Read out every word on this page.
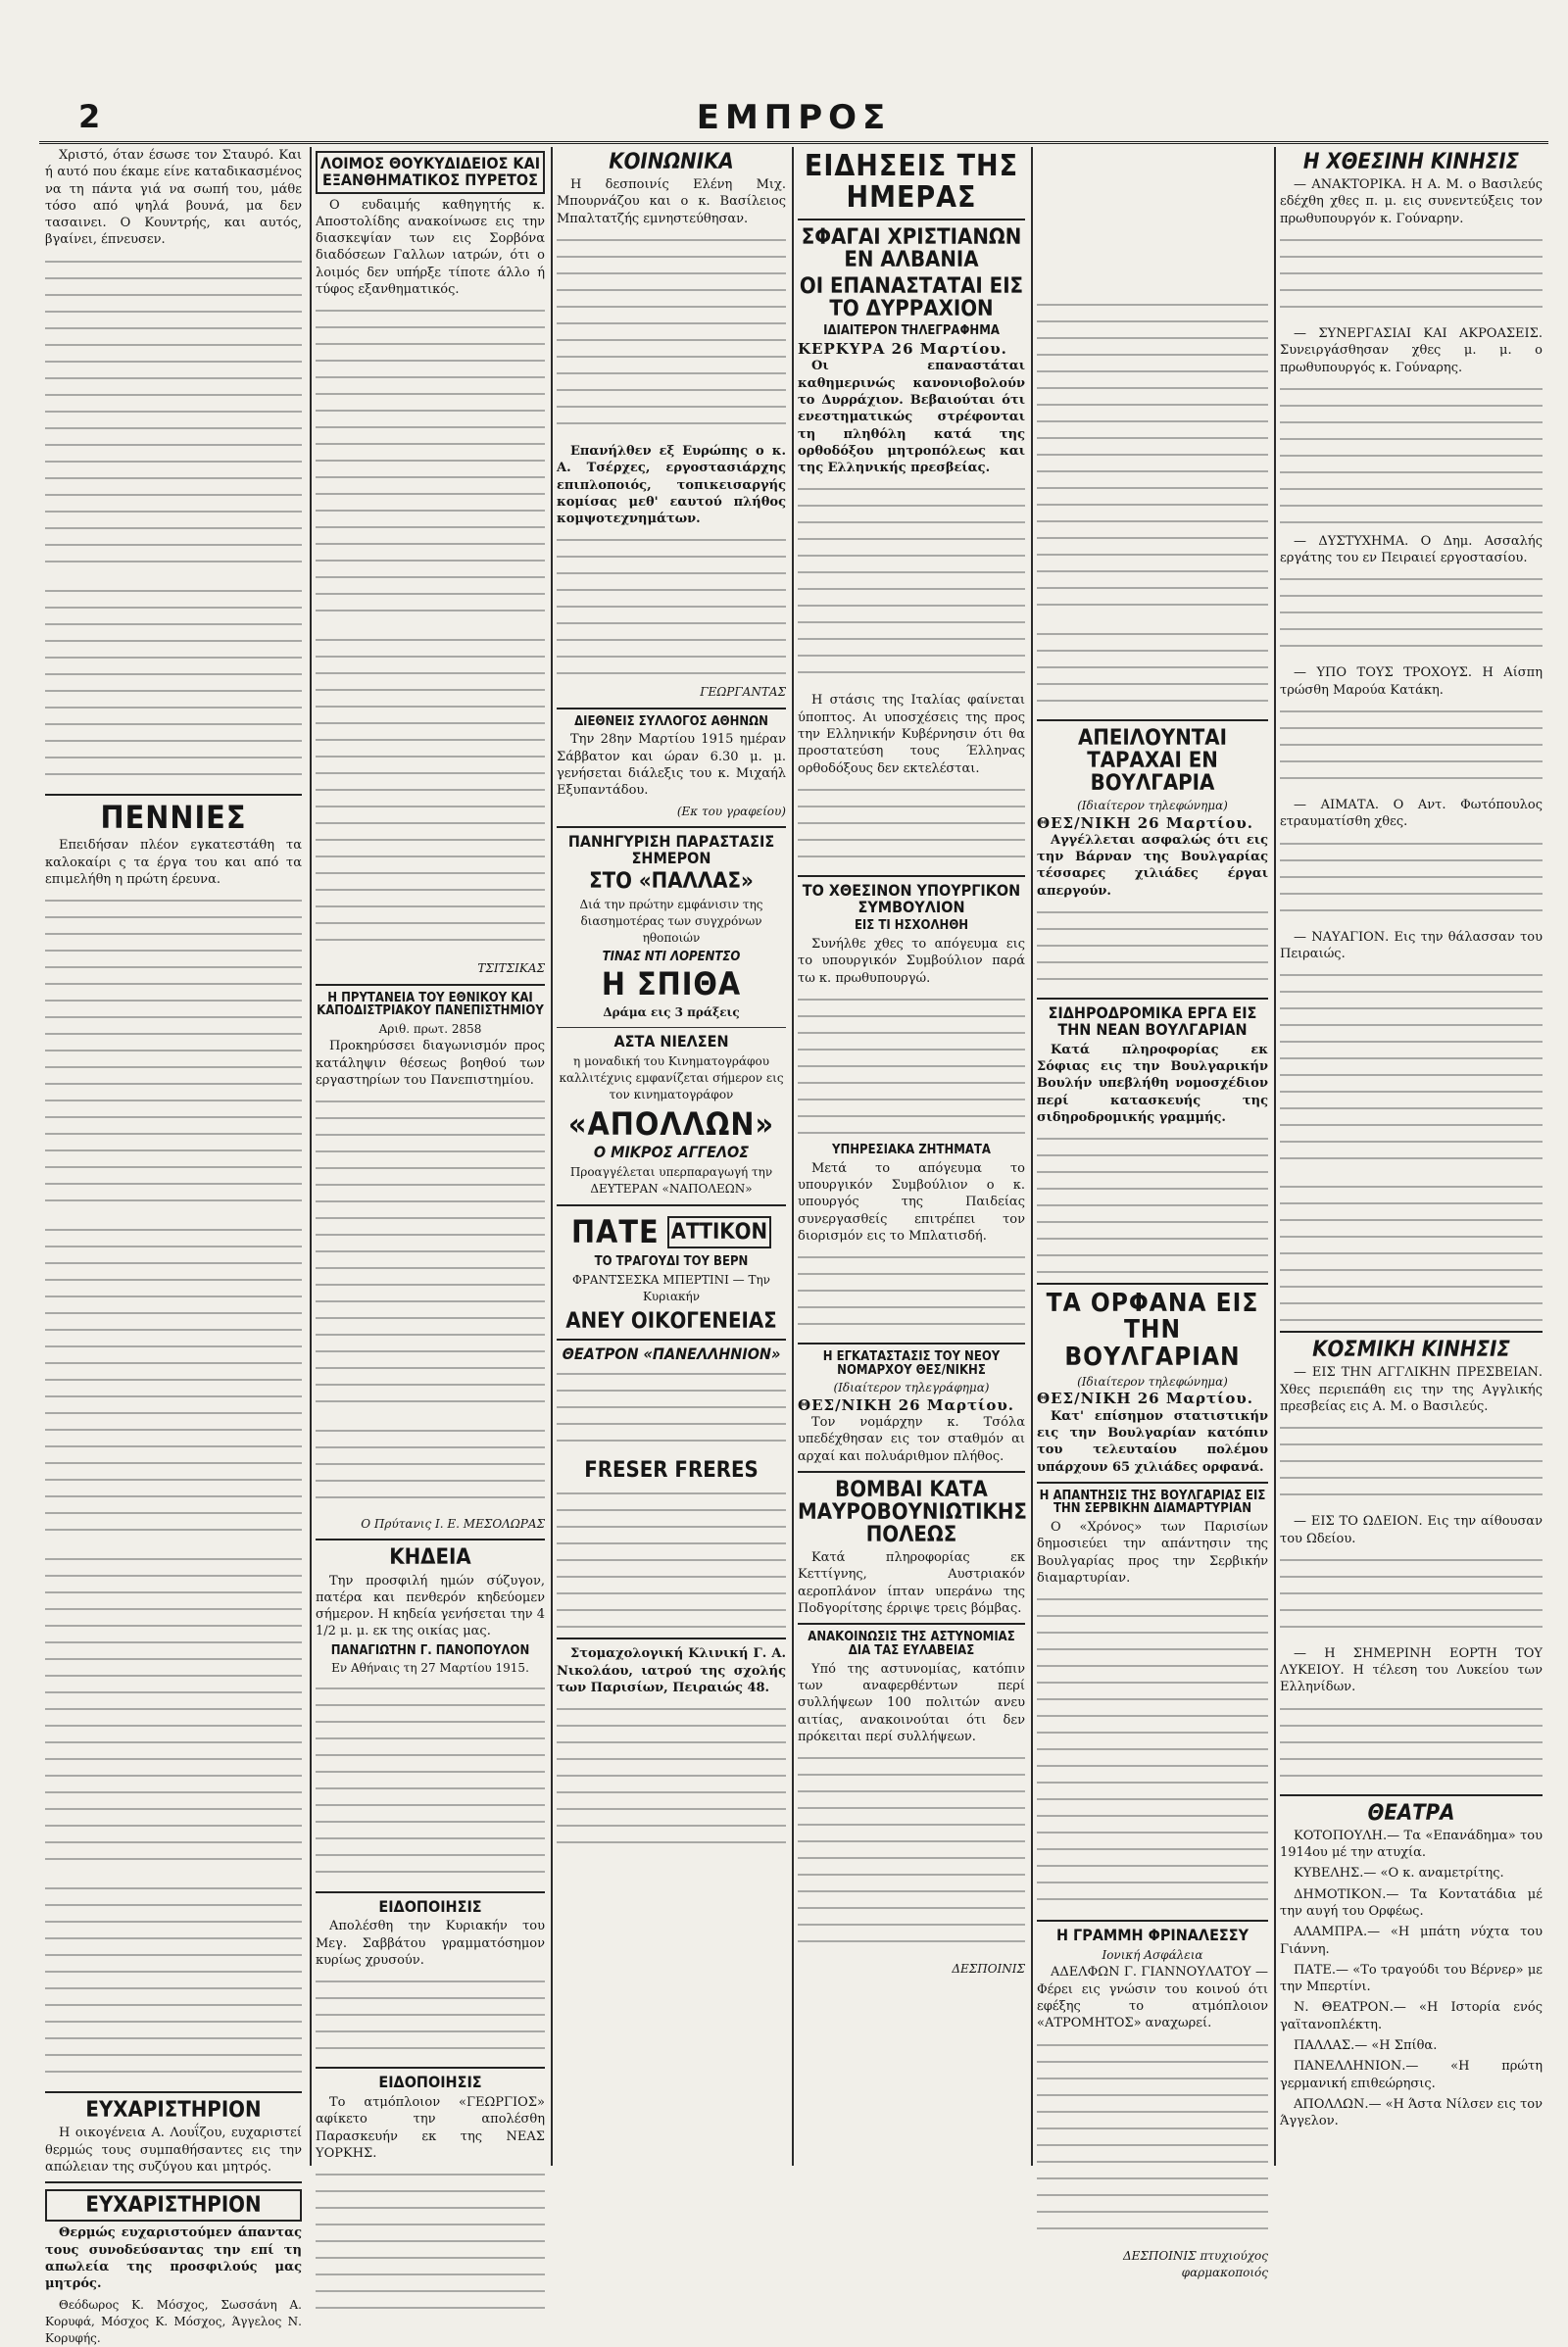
2	ΕΜΠΡΟΣ

Χριστό, όταν έσωσε τον Σταυρό. Και ή αυτό που έκαμε είνε καταδικασμένος να τη πάντα γιά να σωπή του, μάθε τόσο από ψηλά βουνά, μα δεν τασαινει. Ο Κουντρής, και αυτός, βγαίνει, έπνευσεν.

ΠΕΝΝΙΕΣ

Επειδήσαν πλέον εγκατεστάθη τα καλοκαίρι ς τα έργα του και από τα επιμελήθη η πρώτη έρευνα.

ΕΥΧΑΡΙΣΤΗΡΙΟΝ

Η οικογένεια Α. Λουΐζου, ευχαριστεί θερμώς τους συμπαθήσαντες εις την απώλειαν της συζύγου και μητρός.

ΕΥΧΑΡΙΣΤΗΡΙΟΝ

Θερμώς ευχαριστούμεν άπαντας τους συνοδεύσαντας την επί τη απωλεία της προσφιλούς μας μητρός.

Θεόδωρος Κ. Μόσχος, Σωσσάνη Α. Κορυφά, Μόσχος Κ. Μόσχος, Άγγελος Ν. Κορυφής.

ΛΟΙΜΟΣ ΘΟΥΚΥΔΙΔΕΙΟΣ ΚΑΙ ΕΞΑΝΘΗΜΑΤΙΚΟΣ ΠΥΡΕΤΟΣ

Ο ευδαιμής καθηγητής κ. Αποστολίδης ανακοίνωσε εις την διασκεψίαν των εις Σορβόνα διαδόσεων Γαλλων ιατρών, ότι ο λοιμός δεν υπήρξε τίποτε άλλο ή τύφος εξανθηματικός.

ΤΣΙΤΣΙΚΑΣ
Η ΠΡΥΤΑΝΕΙΑ ΤΟΥ ΕΘΝΙΚΟΥ ΚΑΙ ΚΑΠΟΔΙΣΤΡΙΑΚΟΥ ΠΑΝΕΠΙΣΤΗΜΙΟΥ
Αριθ. πρωτ. 2858

Προκηρύσσει διαγωνισμόν προς κατάληψιν θέσεως βοηθού των εργαστηρίων του Πανεπιστημίου.

Ο Πρύτανις Ι. Ε. ΜΕΣΟΛΩΡΑΣ
ΚΗΔΕΙΑ

Την προσφιλή ημών σύζυγον, πατέρα και πενθερόν κηδεύομεν σήμερον. Η κηδεία γενήσεται την 4 1/2 μ. μ. εκ της οικίας μας.

ΠΑΝΑΓΙΩΤΗΝ Γ. ΠΑΝΟΠΟΥΛΟΝ
Εν Αθήναις τη 27 Μαρτίου 1915.
ΕΙΔΟΠΟΙΗΣΙΣ

Απολέσθη την Κυριακήν του Μεγ. Σαββάτου γραμματόσημον κυρίως χρυσούν.

ΕΙΔΟΠΟΙΗΣΙΣ

Το ατμόπλοιον «ΓΕΩΡΓΙΟΣ» αφίκετο την απολέσθη Παρασκευήν εκ της ΝΕΑΣ ΥΟΡΚΗΣ.

ΚΟΙΝΩΝΙΚΑ

Η δεσποινίς Ελένη Μιχ. Μπουρνάζου και ο κ. Βασίλειος Μπαλτατζής εμνηστεύθησαν.

Επανήλθεν εξ Ευρώπης ο κ. Α. Τσέρχες, εργοστασιάρχης επιπλοποιός, τοπικεισαργής κομίσας μεθ' εαυτού πλήθος κομψοτεχνημάτων.

ΓΕΩΡΓΑΝΤΑΣ
ΔΙΕΘΝΕΙΣ ΣΥΛΛΟΓΟΣ ΑΘΗΝΩΝ

Την 28ην Μαρτίου 1915 ημέραν Σάββατον και ώραν 6.30 μ. μ. γενήσεται διάλεξις του κ. Μιχαήλ Εξυπαντάδου.

(Εκ του γραφείου)
ΠΑΝΗΓΥΡΙΣΗ ΠΑΡΑΣΤΑΣΙΣ ΣΗΜΕΡΟΝ
ΣΤΟ «ΠΑΛΛΑΣ»
Διά την πρώτην εμφάνισιν της διασημοτέρας των συγχρόνων ηθοποιών
ΤΙΝΑΣ ΝΤΙ ΛΟΡΕΝΤΣΟ
Η ΣΠΙΘΑ
Δράμα εις 3 πράξεις
ΑΣΤΑ ΝΙΕΛΣΕΝ
η μοναδική του Κινηματογράφου καλλιτέχνις εμφανίζεται σήμερον εις τον κινηματογράφον
«ΑΠΟΛΛΩΝ»
Ο ΜΙΚΡΟΣ ΑΓΓΕΛΟΣ
Προαγγέλεται υπερπαραγωγή την ΔΕΥΤΕΡΑΝ «ΝΑΠΟΛΕΩΝ»
ΠΑΤΕ ΑΤΤΙΚΟΝ
ΤΟ ΤΡΑΓΟΥΔΙ ΤΟΥ ΒΕΡΝ
ΦΡΑΝΤΣΕΣΚΑ ΜΠΕΡΤΙΝΙ — Την Κυριακήν
ΑΝΕΥ ΟΙΚΟΓΕΝΕΙΑΣ
ΘΕΑΤΡΟΝ «ΠΑΝΕΛΛΗΝΙΟΝ»
FRESER FRERES

Στομαχολογική Κλινική Γ. Α. Νικολάου, ιατρού της σχολής των Παρισίων, Πειραιώς 48.

ΕΙΔΗΣΕΙΣ ΤΗΣ ΗΜΕΡΑΣ
ΣΦΑΓΑΙ ΧΡΙΣΤΙΑΝΩΝ ΕΝ ΑΛΒΑΝΙΑ
ΟΙ ΕΠΑΝΑΣΤΑΤΑΙ ΕΙΣ ΤΟ ΔΥΡΡΑΧΙΟΝ
ΙΔΙΑΙΤΕΡΟΝ ΤΗΛΕΓΡΑΦΗΜΑ
ΚΕΡΚΥΡΑ 26 Μαρτίου.

Οι επαναστάται καθημερινώς κανονιοβολούν το Δυρράχιον. Βεβαιούται ότι ενεστηματικώς στρέφονται τη πληθόλη κατά της ορθοδόξου μητροπόλεως και της Ελληνικής πρεσβείας.

Η στάσις της Ιταλίας φαίνεται ύποπτος. Αι υποσχέσεις της προς την Ελληνικήν Κυβέρνησιν ότι θα προστατεύση τους Έλληνας ορθοδόξους δεν εκτελέσται.

ΤΟ ΧΘΕΣΙΝΟΝ ΥΠΟΥΡΓΙΚΟΝ ΣΥΜΒΟΥΛΙΟΝ
ΕΙΣ ΤΙ ΗΣΧΟΛΗΘΗ

Συνήλθε χθες το απόγευμα εις το υπουργικόν Συμβούλιον παρά τω κ. πρωθυπουργώ.

ΥΠΗΡΕΣΙΑΚΑ ΖΗΤΗΜΑΤΑ

Μετά το απόγευμα το υπουργικόν Συμβούλιον ο κ. υπουργός της Παιδείας συνεργασθείς επιτρέπει τον διορισμόν εις το Μπλατισδή.

Η ΕΓΚΑΤΑΣΤΑΣΙΣ ΤΟΥ ΝΕΟΥ ΝΟΜΑΡΧΟΥ ΘΕΣ/ΝΙΚΗΣ
(Ιδιαίτερον τηλεγράφημα)
ΘΕΣ/ΝΙΚΗ 26 Μαρτίου.

Τον νομάρχην κ. Τσόλα υπεδέχθησαν εις τον σταθμόν αι αρχαί και πολυάριθμον πλήθος.

ΒΟΜΒΑΙ ΚΑΤΑ ΜΑΥΡΟΒΟΥΝΙΩΤΙΚΗΣ ΠΟΛΕΩΣ

Κατά πληροφορίας εκ Κεττίγνης, Αυστριακόν αεροπλάνον ίπταν υπεράνω της Ποδγορίτσης έρριψε τρεις βόμβας.

ΑΝΑΚΟΙΝΩΣΙΣ ΤΗΣ ΑΣΤΥΝΟΜΙΑΣ ΔΙΑ ΤΑΣ ΕΥΛΑΒΕΙΑΣ

Υπό της αστυνομίας, κατόπιν των αναφερθέντων περί συλλήψεων 100 πολιτών ανευ αιτίας, ανακοινούται ότι δεν πρόκειται περί συλλήψεων.

ΔΕΣΠΟΙΝΙΣ
ΑΠΕΙΛΟΥΝΤΑΙ ΤΑΡΑΧΑΙ ΕΝ ΒΟΥΛΓΑΡΙΑ
(Ιδιαίτερον τηλεφώνημα)
ΘΕΣ/ΝΙΚΗ 26 Μαρτίου.

Αγγέλλεται ασφαλώς ότι εις την Βάρναν της Βουλγαρίας τέσσαρες χιλιάδες έργαι απεργούν.

ΣΙΔΗΡΟΔΡΟΜΙΚΑ ΕΡΓΑ ΕΙΣ ΤΗΝ ΝΕΑΝ ΒΟΥΛΓΑΡΙΑΝ

Κατά πληροφορίας εκ Σόφιας εις την Βουλγαρικήν Βουλήν υπεβλήθη νομοσχέδιον περί κατασκευής της σιδηροδρομικής γραμμής.

ΤΑ ΟΡΦΑΝΑ ΕΙΣ ΤΗΝ ΒΟΥΛΓΑΡΙΑΝ
(Ιδιαίτερον τηλεφώνημα)
ΘΕΣ/ΝΙΚΗ 26 Μαρτίου.

Κατ' επίσημον στατιστικήν εις την Βουλγαρίαν κατόπιν του τελευταίου πολέμου υπάρχουν 65 χιλιάδες ορφανά.

Η ΑΠΑΝΤΗΣΙΣ ΤΗΣ ΒΟΥΛΓΑΡΙΑΣ ΕΙΣ ΤΗΝ ΣΕΡΒΙΚΗΝ ΔΙΑΜΑΡΤΥΡΙΑΝ

Ο «Χρόνος» των Παρισίων δημοσιεύει την απάντησιν της Βουλγαρίας προς την Σερβικήν διαμαρτυρίαν.

Η ΓΡΑΜΜΗ ΦΡΙΝΑΛΕΣΣΥ
Ιονική Ασφάλεια

ΑΔΕΛΦΩΝ Γ. ΓΙΑΝΝΟΥΛΑΤΟΥ — Φέρει εις γνώσιν του κοινού ότι εφέξης το ατμόπλοιον «ΑΤΡΟΜΗΤΟΣ» αναχωρεί.

ΔΕΣΠΟΙΝΙΣ πτυχιούχος φαρμακοποιός
Η ΧΘΕΣΙΝΗ ΚΙΝΗΣΙΣ

— ΑΝΑΚΤΟΡΙΚΑ. Η Α. Μ. ο Βασιλεύς εδέχθη χθες π. μ. εις συνεντεύξεις τον πρωθυπουργόν κ. Γούναρην.

— ΣΥΝΕΡΓΑΣΙΑΙ ΚΑΙ ΑΚΡΟΑΣΕΙΣ. Συνειργάσθησαν χθες μ. μ. ο πρωθυπουργός κ. Γούναρης.

— ΔΥΣΤΥΧΗΜΑ. Ο Δημ. Ασσαλής εργάτης του εν Πειραιεί εργοστασίου.

— ΥΠΟ ΤΟΥΣ ΤΡΟΧΟΥΣ. Η Αίσπη τρώσθη Μαρούα Κατάκη.

— ΑΙΜΑΤΑ. Ο Αντ. Φωτόπουλος ετραυματίσθη χθες.

— ΝΑΥΑΓΙΟΝ. Εις την θάλασσαν του Πειραιώς.

ΚΟΣΜΙΚΗ ΚΙΝΗΣΙΣ

— ΕΙΣ ΤΗΝ ΑΓΓΛΙΚΗΝ ΠΡΕΣΒΕΙΑΝ. Χθες περιεπάθη εις την της Αγγλικής πρεσβείας εις Α. Μ. ο Βασιλεύς.

— ΕΙΣ ΤΟ ΩΔΕΙΟΝ. Εις την αίθουσαν του Ωδείου.

— Η ΣΗΜΕΡΙΝΗ ΕΟΡΤΗ ΤΟΥ ΛΥΚΕΙΟΥ. Η τέλεση του Λυκείου των Ελληνίδων.

ΘΕΑΤΡΑ

ΚΟΤΟΠΟΥΛΗ.— Τα «Επανάδημα» του 1914ου μέ την ατυχία.

ΚΥΒΕΛΗΣ.— «Ο κ. αναμετρίτης.

ΔΗΜΟΤΙΚΟΝ.— Τα Κοντατάδια μέ την αυγή του Ορφέως.

ΑΛΑΜΠΡΑ.— «Η μπάτη νύχτα του Γιάννη.

ΠΑΤΕ.— «Το τραγούδι του Βέρνερ» με την Μπερτίνι.

Ν. ΘΕΑΤΡΟΝ.— «Η Ιστορία ενός γαϊτανοπλέκτη.

ΠΑΛΛΑΣ.— «Η Σπίθα.

ΠΑΝΕΛΛΗΝΙΟΝ.— «Η πρώτη γερμανική επιθεώρησις.

ΑΠΟΛΛΩΝ.— «Η Άστα Νίλσεν εις τον Άγγελον.
